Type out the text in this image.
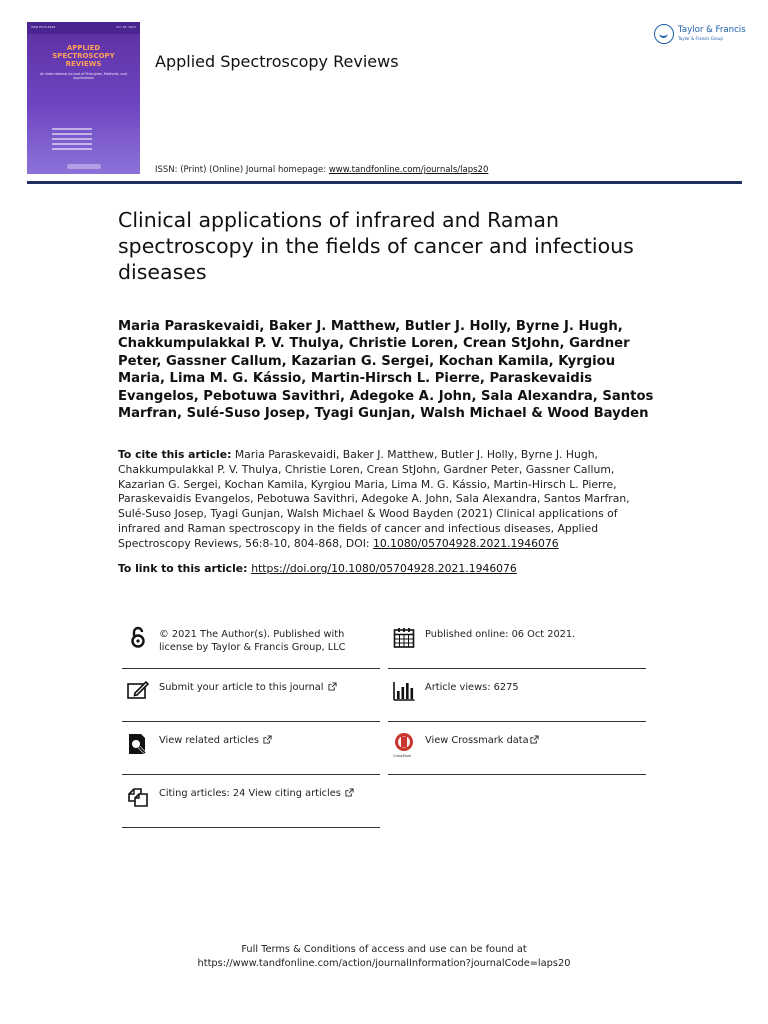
ISSN 0570-4928	Vol. 56, 2021
APPLIED
SPECTROSCOPY
REVIEWS
An International Journal of Principles, Methods, and Applications
Applied Spectroscopy Reviews
ISSN: (Print) (Online) Journal homepage: www.tandfonline.com/journals/laps20
Taylor & Francis
Taylor & Francis Group
Clinical applications of infrared and Raman spectroscopy in the fields of cancer and infectious diseases
Maria Paraskevaidi, Baker J. Matthew, Butler J. Holly, Byrne J. Hugh, Chakkumpulakkal P. V. Thulya, Christie Loren, Crean StJohn, Gardner Peter, Gassner Callum, Kazarian G. Sergei, Kochan Kamila, Kyrgiou Maria, Lima M. G. Kássio, Martin-Hirsch L. Pierre, Paraskevaidis Evangelos, Pebotuwa Savithri, Adegoke A. John, Sala Alexandra, Santos Marfran, Sulé-Suso Josep, Tyagi Gunjan, Walsh Michael & Wood Bayden
To cite this article: Maria Paraskevaidi, Baker J. Matthew, Butler J. Holly, Byrne J. Hugh, Chakkumpulakkal P. V. Thulya, Christie Loren, Crean StJohn, Gardner Peter, Gassner Callum, Kazarian G. Sergei, Kochan Kamila, Kyrgiou Maria, Lima M. G. Kássio, Martin-Hirsch L. Pierre, Paraskevaidis Evangelos, Pebotuwa Savithri, Adegoke A. John, Sala Alexandra, Santos Marfran, Sulé-Suso Josep, Tyagi Gunjan, Walsh Michael & Wood Bayden (2021) Clinical applications of infrared and Raman spectroscopy in the fields of cancer and infectious diseases, Applied Spectroscopy Reviews, 56:8-10, 804-868, DOI: 10.1080/05704928.2021.1946076
To link to this article: https://doi.org/10.1080/05704928.2021.1946076
© 2021 The Author(s). Published with license by Taylor & Francis Group, LLC
Published online: 06 Oct 2021.
Submit your article to this journal	Article views: 6275
View related articles
CrossMark
View Crossmark data
Citing articles: 24 View citing articles
Full Terms & Conditions of access and use can be found at
https://www.tandfonline.com/action/journalInformation?journalCode=laps20
